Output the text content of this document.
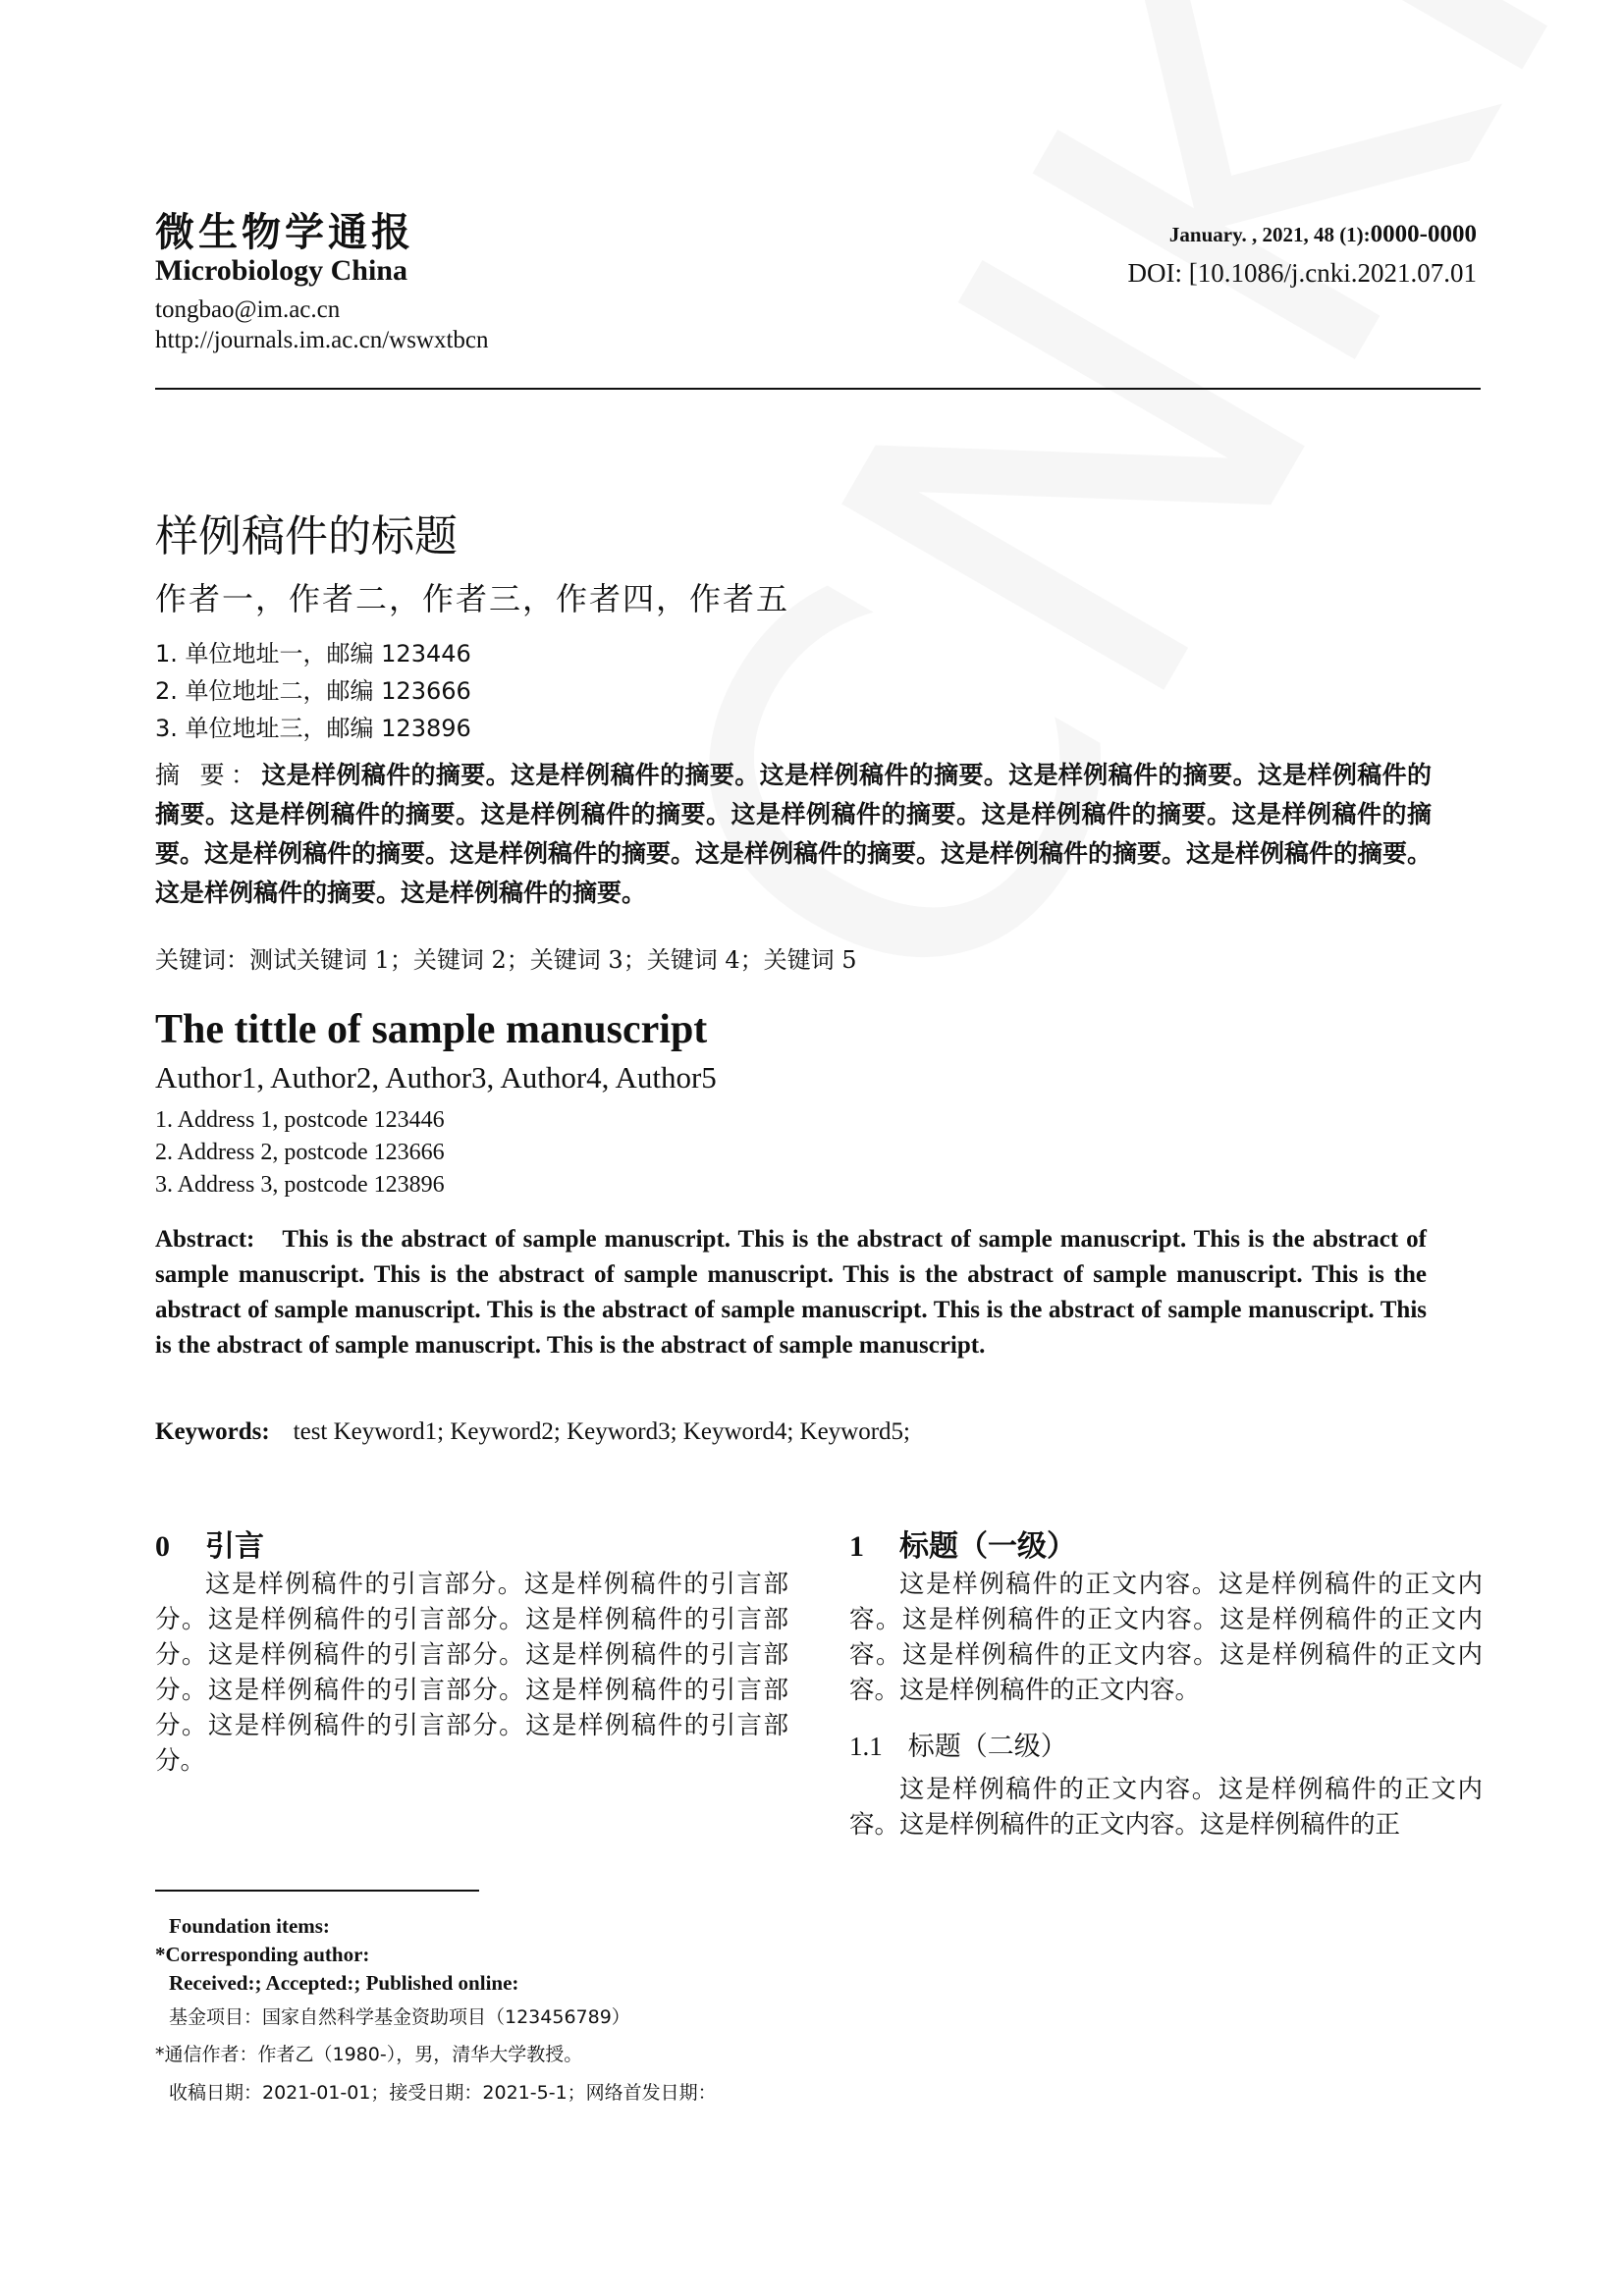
微生物学通报
Microbiology China
tongbao@im.ac.cn
http://journals.im.ac.cn/wswxtbcn
January. , 2021, 48 (1):0000-0000
DOI: [10.1086/j.cnki.2021.07.01
样例稿件的标题
作者一，作者二，作者三，作者四，作者五
1. 单位地址一，邮编 123446
2. 单位地址二，邮编 123666
3. 单位地址三，邮编 123896
摘 要：这是样例稿件的摘要。这是样例稿件的摘要。这是样例稿件的摘要。这是样例稿件的摘要。这是样例稿件的摘要。这是样例稿件的摘要。这是样例稿件的摘要。这是样例稿件的摘要。这是样例稿件的摘要。这是样例稿件的摘要。这是样例稿件的摘要。这是样例稿件的摘要。这是样例稿件的摘要。这是样例稿件的摘要。这是样例稿件的摘要。这是样例稿件的摘要。这是样例稿件的摘要。
关键词：测试关键词 1；关键词 2；关键词 3；关键词 4；关键词 5
The tittle of sample manuscript
Author1, Author2, Author3, Author4, Author5
1. Address 1, postcode 123446
2. Address 2, postcode 123666
3. Address 3, postcode 123896
Abstract: This is the abstract of sample manuscript. This is the abstract of sample manuscript. This is the abstract of sample manuscript. This is the abstract of sample manuscript. This is the abstract of sample manuscript. This is the abstract of sample manuscript. This is the abstract of sample manuscript. This is the abstract of sample manuscript. This is the abstract of sample manuscript. This is the abstract of sample manuscript.
Keywords: test Keyword1; Keyword2; Keyword3; Keyword4; Keyword5;
0 引言
这是样例稿件的引言部分。这是样例稿件的引言部分。这是样例稿件的引言部分。这是样例稿件的引言部分。这是样例稿件的引言部分。这是样例稿件的引言部分。这是样例稿件的引言部分。这是样例稿件的引言部分。这是样例稿件的引言部分。这是样例稿件的引言部分。
1 标题（一级）
这是样例稿件的正文内容。这是样例稿件的正文内容。这是样例稿件的正文内容。这是样例稿件的正文内容。这是样例稿件的正文内容。这是样例稿件的正文内容。这是样例稿件的正文内容。
1.1 标题（二级）
这是样例稿件的正文内容。这是样例稿件的正文内容。这是样例稿件的正文内容。这是样例稿件的正
Foundation items:
*Corresponding author:
Received:; Accepted:; Published online:
基金项目：国家自然科学基金资助项目（123456789）
*通信作者：作者乙（1980-），男，清华大学教授。
收稿日期：2021-01-01；接受日期：2021-5-1；网络首发日期：
